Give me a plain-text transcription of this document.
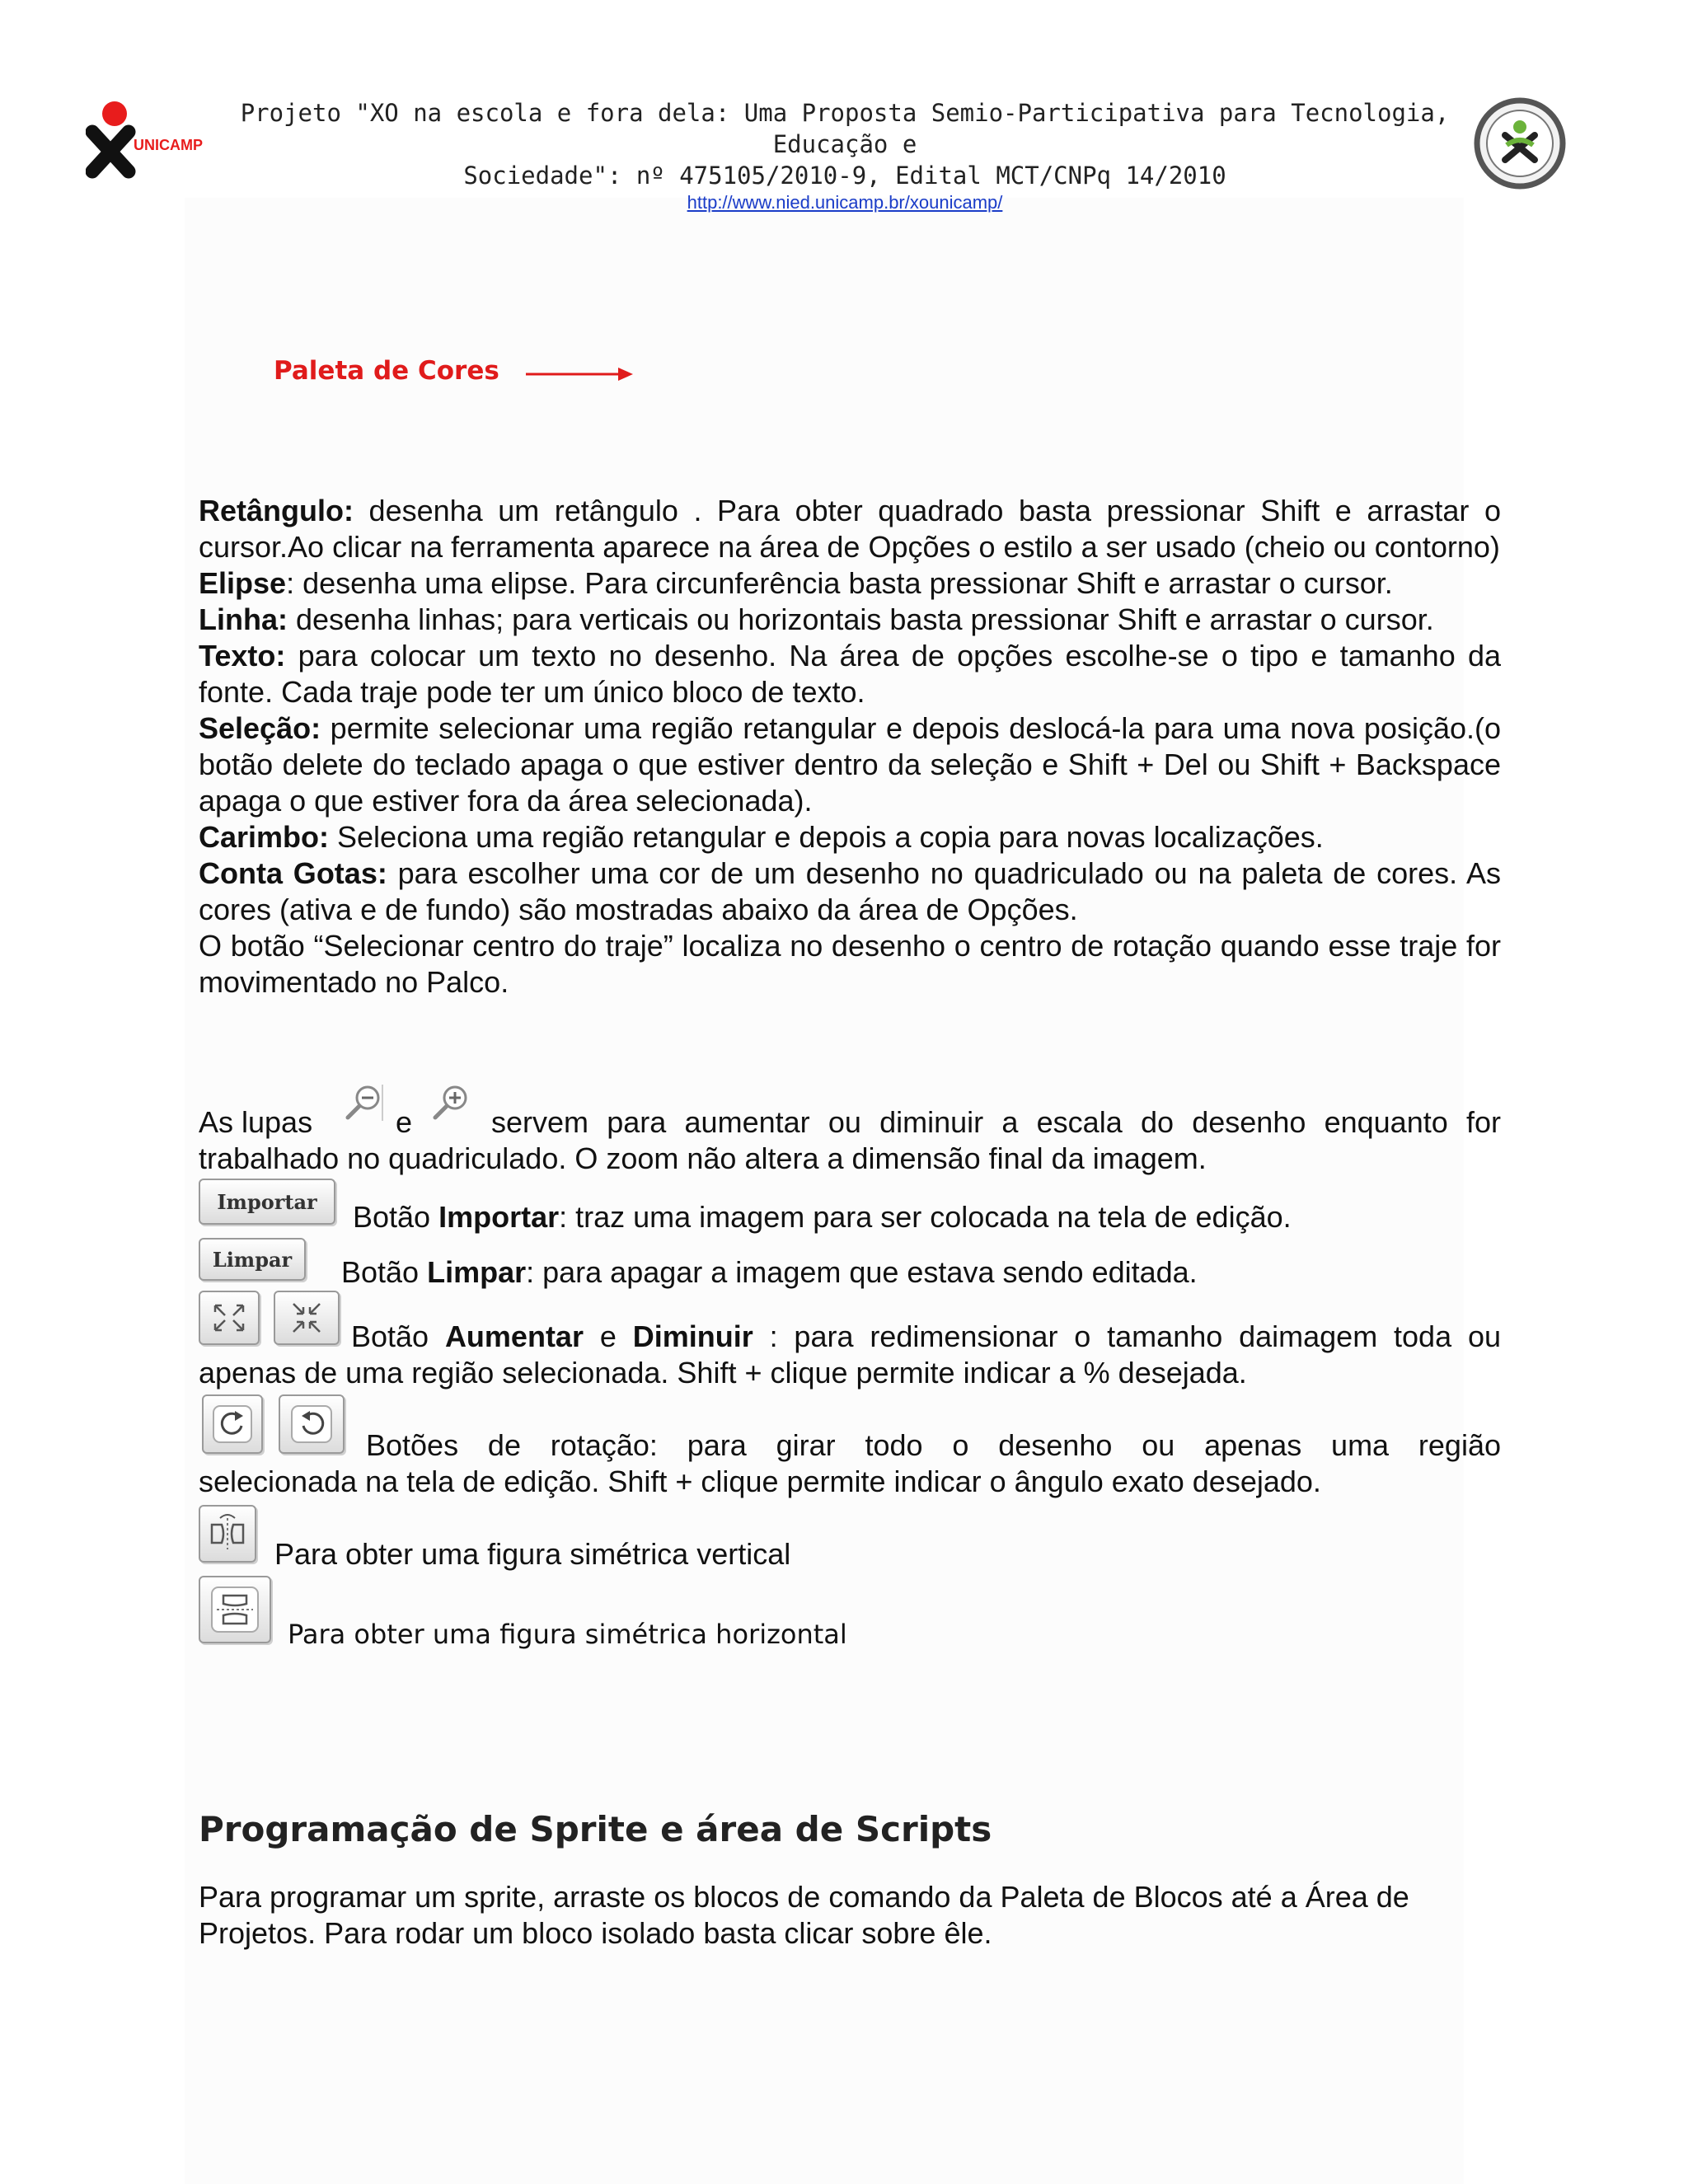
UNICAMP
Projeto "XO na escola e fora dela: Uma Proposta Semio-Participativa para Tecnologia, Educação e
Sociedade": nº 475105/2010-9, Edital MCT/CNPq 14/2010
http://www.nied.unicamp.br/xounicamp/
Paleta de Cores

Retângulo: desenha um retângulo . Para obter quadrado basta pressionar Shift e arrastar o cursor.Ao clicar na ferramenta aparece na área de Opções o estilo a ser usado (cheio ou contorno)

Elipse: desenha uma elipse. Para circunferência basta pressionar Shift e arrastar o cursor.

Linha: desenha linhas; para verticais ou horizontais basta pressionar Shift e arrastar o cursor.

Texto: para colocar um texto no desenho. Na área de opções escolhe-se o tipo e tamanho da fonte. Cada traje pode ter um único bloco de texto.

Seleção: permite selecionar uma região retangular e depois deslocá-la para uma nova posição.(o botão delete do teclado apaga o que estiver dentro da seleção e Shift + Del ou Shift + Backspace apaga o que estiver fora da área selecionada).

Carimbo: Seleciona uma região retangular e depois a copia para novas localizações.

Conta Gotas: para escolher uma cor de um desenho no quadriculado ou na paleta de cores. As cores (ativa e de fundo) são mostradas abaixo da área de Opções.

O botão “Selecionar centro do traje” localiza no desenho o centro de rotação quando esse traje for movimentado no Palco.

As lupas	e	servem para aumentar ou diminuir a escala do desenho enquanto for
trabalhado no quadriculado. O zoom não altera a dimensão final da imagem.
Importar	Botão Importar: traz uma imagem para ser colocada na tela de edição.
Limpar	Botão Limpar: para apagar a imagem que estava sendo editada.
Botão Aumentar e Diminuir : para redimensionar o tamanho daimagem toda ou
apenas de uma região selecionada. Shift + clique permite indicar a % desejada.
Botões de rotação: para girar todo o desenho ou apenas uma região
selecionada na tela de edição. Shift + clique permite indicar o ângulo exato desejado.
Para obter uma figura simétrica vertical
Para obter uma figura simétrica horizontal
Programação de Sprite e área de Scripts

Para programar um sprite, arraste os blocos de comando da Paleta de Blocos até a Área de Projetos. Para rodar um bloco isolado basta clicar sobre êle.
